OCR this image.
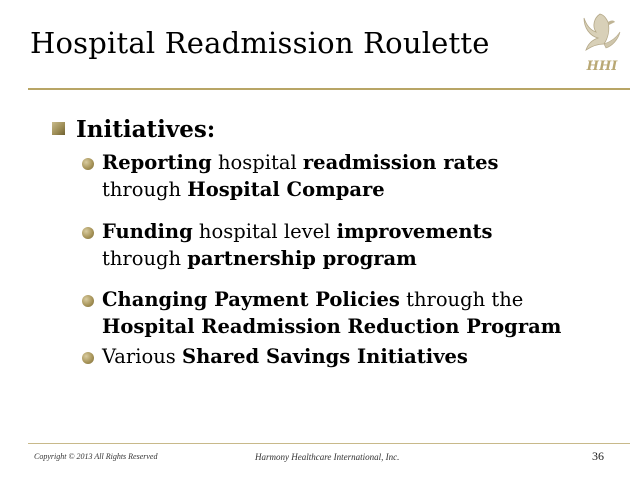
Hospital Readmission Roulette
HHI
Initiatives:
Reporting hospital readmission rates
through Hospital Compare
Funding hospital level improvements
through partnership program
Changing Payment Policies through the
Hospital Readmission Reduction Program
Various Shared Savings Initiatives
Copyright © 2013 All Rights Reserved	Harmony Healthcare International, Inc.	36
